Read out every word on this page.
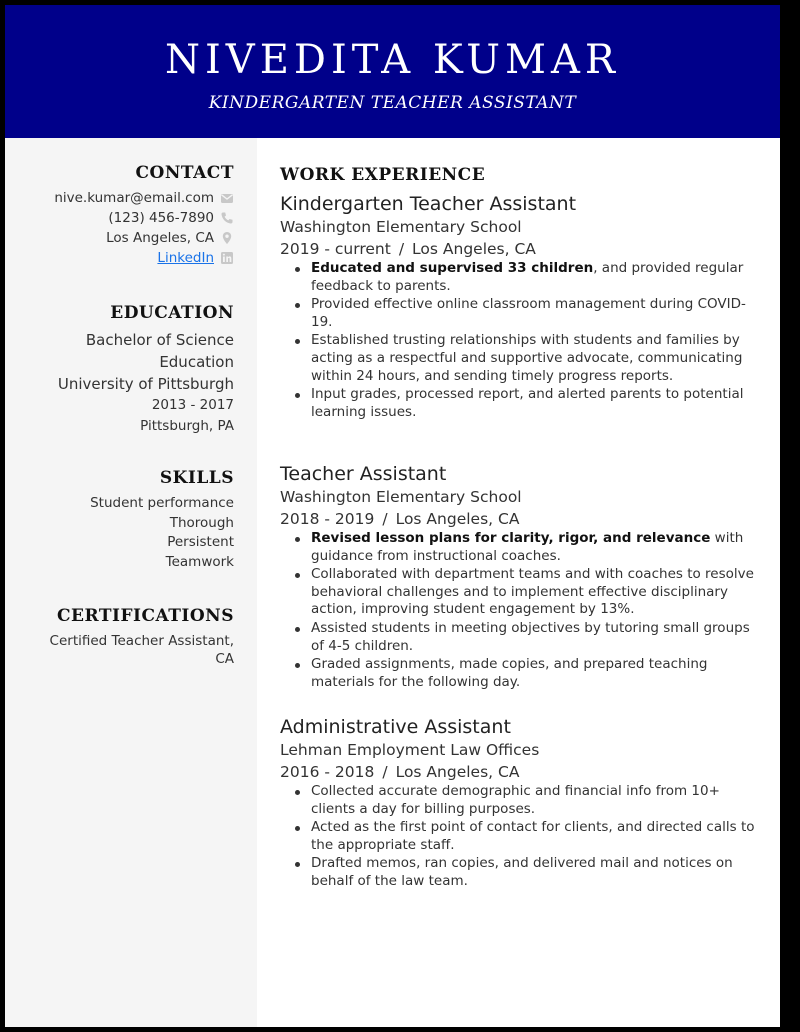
NIVEDITA KUMAR
KINDERGARTEN TEACHER ASSISTANT
CONTACT
nive.kumar@email.com
(123) 456-7890
Los Angeles, CA
LinkedIn
EDUCATION
Bachelor of Science
Education
University of Pittsburgh
2013 - 2017
Pittsburgh, PA
SKILLS
Student performance
Thorough
Persistent
Teamwork
CERTIFICATIONS
Certified Teacher Assistant,
CA
WORK EXPERIENCE
Kindergarten Teacher Assistant
Washington Elementary School
2019 - current / Los Angeles, CA
Educated and supervised 33 children, and provided regular feedback to parents.
Provided effective online classroom management during COVID-19.
Established trusting relationships with students and families by acting as a respectful and supportive advocate, communicating within 24 hours, and sending timely progress reports.
Input grades, processed report, and alerted parents to potential learning issues.
Teacher Assistant
Washington Elementary School
2018 - 2019 / Los Angeles, CA
Revised lesson plans for clarity, rigor, and relevance with guidance from instructional coaches.
Collaborated with department teams and with coaches to resolve behavioral challenges and to implement effective disciplinary action, improving student engagement by 13%.
Assisted students in meeting objectives by tutoring small groups of 4-5 children.
Graded assignments, made copies, and prepared teaching materials for the following day.
Administrative Assistant
Lehman Employment Law Offices
2016 - 2018 / Los Angeles, CA
Collected accurate demographic and financial info from 10+ clients a day for billing purposes.
Acted as the first point of contact for clients, and directed calls to the appropriate staff.
Drafted memos, ran copies, and delivered mail and notices on behalf of the law team.
